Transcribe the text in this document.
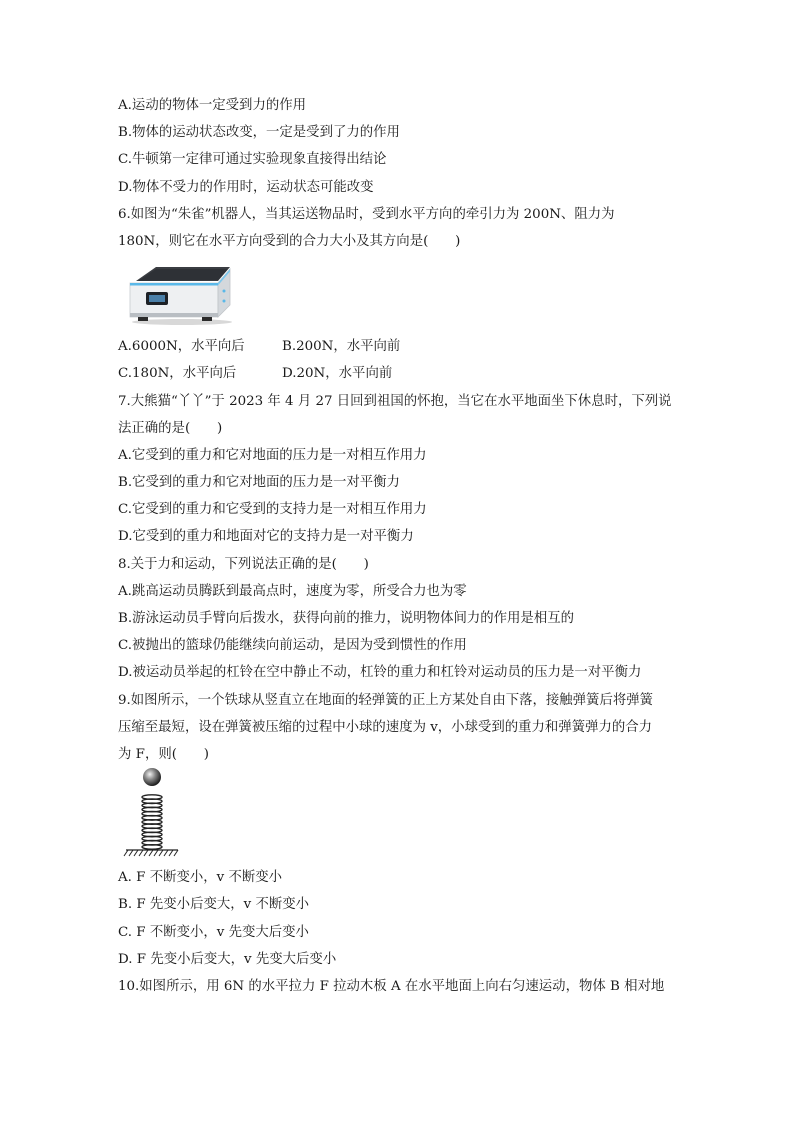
A.运动的物体一定受到力的作用
B.物体的运动状态改变，一定是受到了力的作用
C.牛顿第一定律可通过实验现象直接得出结论
D.物体不受力的作用时，运动状态可能改变
6.如图为“朱雀”机器人，当其运送物品时，受到水平方向的牵引力为 200N、阻力为
180N，则它在水平方向受到的合力大小及其方向是(　　)
A.6000N，水平向后	B.200N，水平向前
C.180N，水平向后	D.20N，水平向前
7.大熊猫“丫丫”于 2023 年 4 月 27 日回到祖国的怀抱，当它在水平地面坐下休息时，下列说
法正确的是(　　)
A.它受到的重力和它对地面的压力是一对相互作用力
B.它受到的重力和它对地面的压力是一对平衡力
C.它受到的重力和它受到的支持力是一对相互作用力
D.它受到的重力和地面对它的支持力是一对平衡力
8.关于力和运动，下列说法正确的是(　　)
A.跳高运动员腾跃到最高点时，速度为零，所受合力也为零
B.游泳运动员手臂向后拨水，获得向前的推力，说明物体间力的作用是相互的
C.被抛出的篮球仍能继续向前运动，是因为受到惯性的作用
D.被运动员举起的杠铃在空中静止不动，杠铃的重力和杠铃对运动员的压力是一对平衡力
9.如图所示，一个铁球从竖直立在地面的轻弹簧的正上方某处自由下落，接触弹簧后将弹簧
压缩至最短，设在弹簧被压缩的过程中小球的速度为 v，小球受到的重力和弹簧弹力的合力
为 F，则(　　)
A. F 不断变小，v 不断变小
B. F 先变小后变大，v 不断变小
C. F 不断变小，v 先变大后变小
D. F 先变小后变大，v 先变大后变小
10.如图所示，用 6N 的水平拉力 F 拉动木板 A 在水平地面上向右匀速运动，物体 B 相对地
